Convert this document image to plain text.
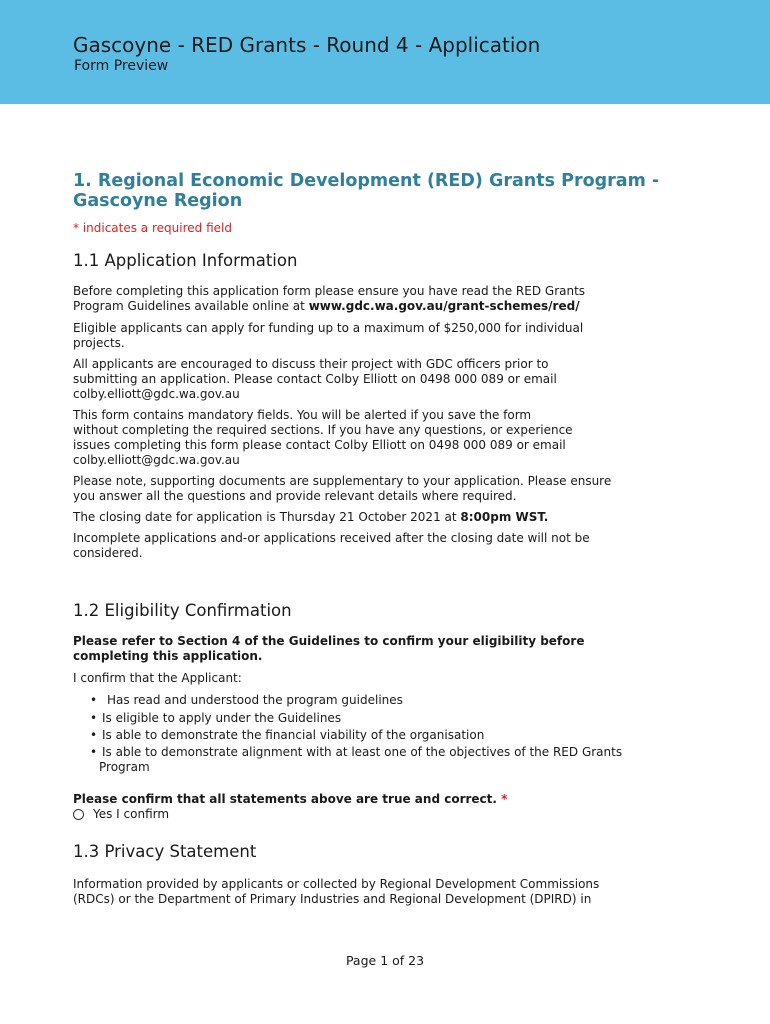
Gascoyne - RED Grants - Round 4 - Application
Form Preview
1. Regional Economic Development (RED) Grants Program -
Gascoyne Region
* indicates a required field
1.1 Application Information

Before completing this application form please ensure you have read the RED Grants
Program Guidelines available online at www.gdc.wa.gov.au/grant-schemes/red/

Eligible applicants can apply for funding up to a maximum of $250,000 for individual
projects.

All applicants are encouraged to discuss their project with GDC officers prior to
submitting an application. Please contact Colby Elliott on 0498 000 089 or email
colby.elliott@gdc.wa.gov.au

This form contains mandatory fields. You will be alerted if you save the form
without completing the required sections. If you have any questions, or experience
issues completing this form please contact Colby Elliott on 0498 000 089 or email
colby.elliott@gdc.wa.gov.au

Please note, supporting documents are supplementary to your application. Please ensure
you answer all the questions and provide relevant details where required.

The closing date for application is Thursday 21 October 2021 at 8:00pm WST.

Incomplete applications and-or applications received after the closing date will not be
considered.

1.2 Eligibility Confirmation

Please refer to Section 4 of the Guidelines to confirm your eligibility before
completing this application.

I confirm that the Applicant:

• Has read and understood the program guidelines
• Is eligible to apply under the Guidelines
• Is able to demonstrate the financial viability of the organisation
• Is able to demonstrate alignment with at least one of the objectives of the RED Grants
Program

Please confirm that all statements above are true and correct. *

Yes I confirm
1.3 Privacy Statement

Information provided by applicants or collected by Regional Development Commissions
(RDCs) or the Department of Primary Industries and Regional Development (DPIRD) in

Page 1 of 23
